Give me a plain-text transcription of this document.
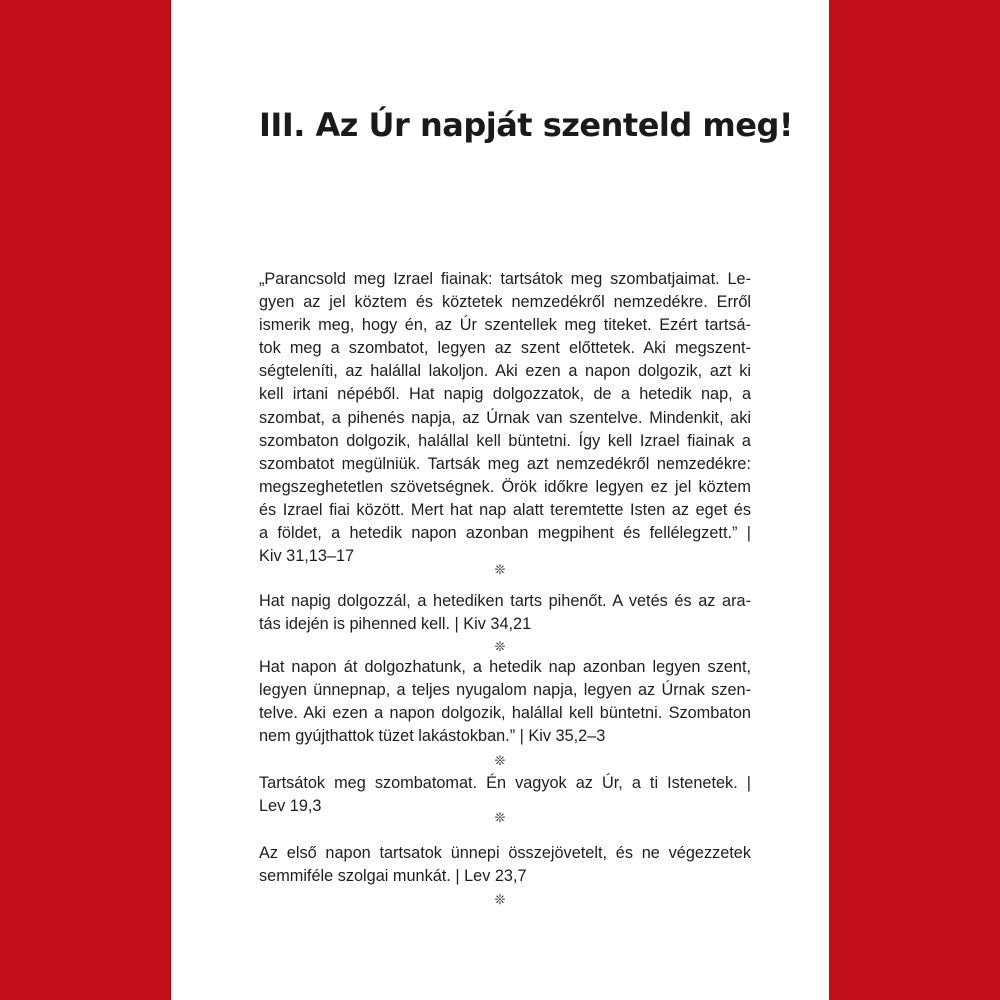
III. Az Úr napját szenteld meg!
„Parancsold meg Izrael fiainak: tartsátok meg szombatjaimat. Le-
gyen az jel köztem és köztetek nemzedékről nemzedékre. Erről
ismerik meg, hogy én, az Úr szentellek meg titeket. Ezért tartsá-
tok meg a szombatot, legyen az szent előttetek. Aki megszent-
ségteleníti, az halállal lakoljon. Aki ezen a napon dolgozik, azt ki
kell irtani népéből. Hat napig dolgozzatok, de a hetedik nap, a
szombat, a pihenés napja, az Úrnak van szentelve. Mindenkit, aki
szombaton dolgozik, halállal kell büntetni. Így kell Izrael fiainak a
szombatot megülniük. Tartsák meg azt nemzedékről nemzedékre:
megszeghetetlen szövetségnek. Örök időkre legyen ez jel köztem
és Izrael fiai között. Mert hat nap alatt teremtette Isten az eget és
a földet, a hetedik napon azonban megpihent és fellélegzett.” |
Kiv 31,13–17
❊
Hat napig dolgozzál, a hetediken tarts pihenőt. A vetés és az ara-
tás idején is pihenned kell. | Kiv 34,21
❊
Hat napon át dolgozhatunk, a hetedik nap azonban legyen szent,
legyen ünnepnap, a teljes nyugalom napja, legyen az Úrnak szen-
telve. Aki ezen a napon dolgozik, halállal kell büntetni. Szombaton
nem gyújthattok tüzet lakástokban.” | Kiv 35,2–3
❊
Tartsátok meg szombatomat. Én vagyok az Úr, a ti Istenetek. |
Lev 19,3
❊
Az első napon tartsatok ünnepi összejövetelt, és ne végezzetek
semmiféle szolgai munkát. | Lev 23,7
❊
